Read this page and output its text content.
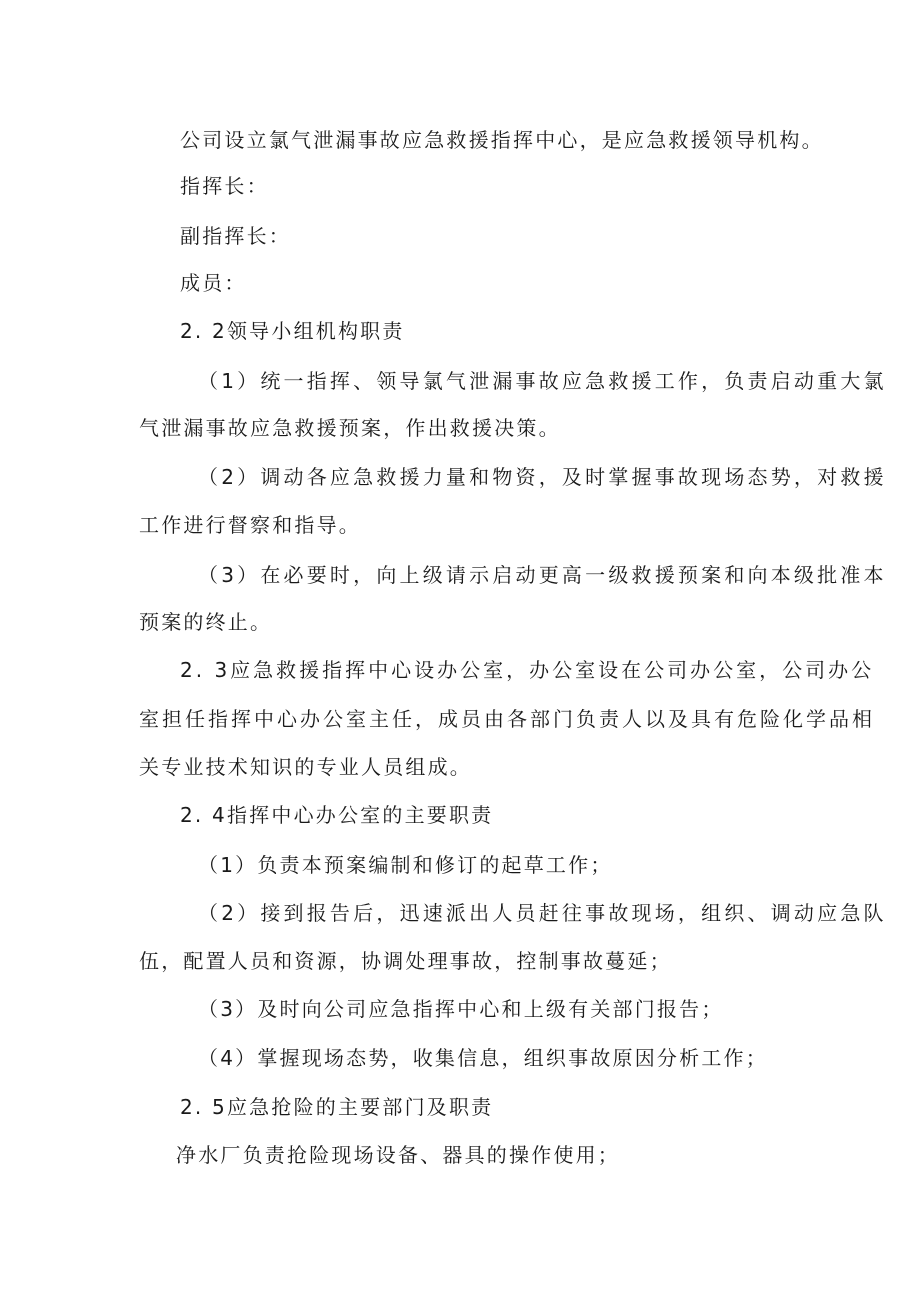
公司设立氯气泄漏事故应急救援指挥中心，是应急救援领导机构。

指挥长：

副指挥长：

成员：

2. 2领导小组机构职责

（1）统一指挥、领导氯气泄漏事故应急救援工作，负责启动重大氯

气泄漏事故应急救援预案，作出救援决策。

（2）调动各应急救援力量和物资，及时掌握事故现场态势，对救援

工作进行督察和指导。

（3）在必要时，向上级请示启动更高一级救援预案和向本级批准本

预案的终止。

2. 3应急救援指挥中心设办公室，办公室设在公司办公室，公司办公

室担任指挥中心办公室主任，成员由各部门负责人以及具有危险化学品相

关专业技术知识的专业人员组成。

2. 4指挥中心办公室的主要职责

（1）负责本预案编制和修订的起草工作；

（2）接到报告后，迅速派出人员赶往事故现场，组织、调动应急队

伍，配置人员和资源，协调处理事故，控制事故蔓延；

（3）及时向公司应急指挥中心和上级有关部门报告；

（4）掌握现场态势，收集信息，组织事故原因分析工作；

2. 5应急抢险的主要部门及职责

净水厂负责抢险现场设备、器具的操作使用；
